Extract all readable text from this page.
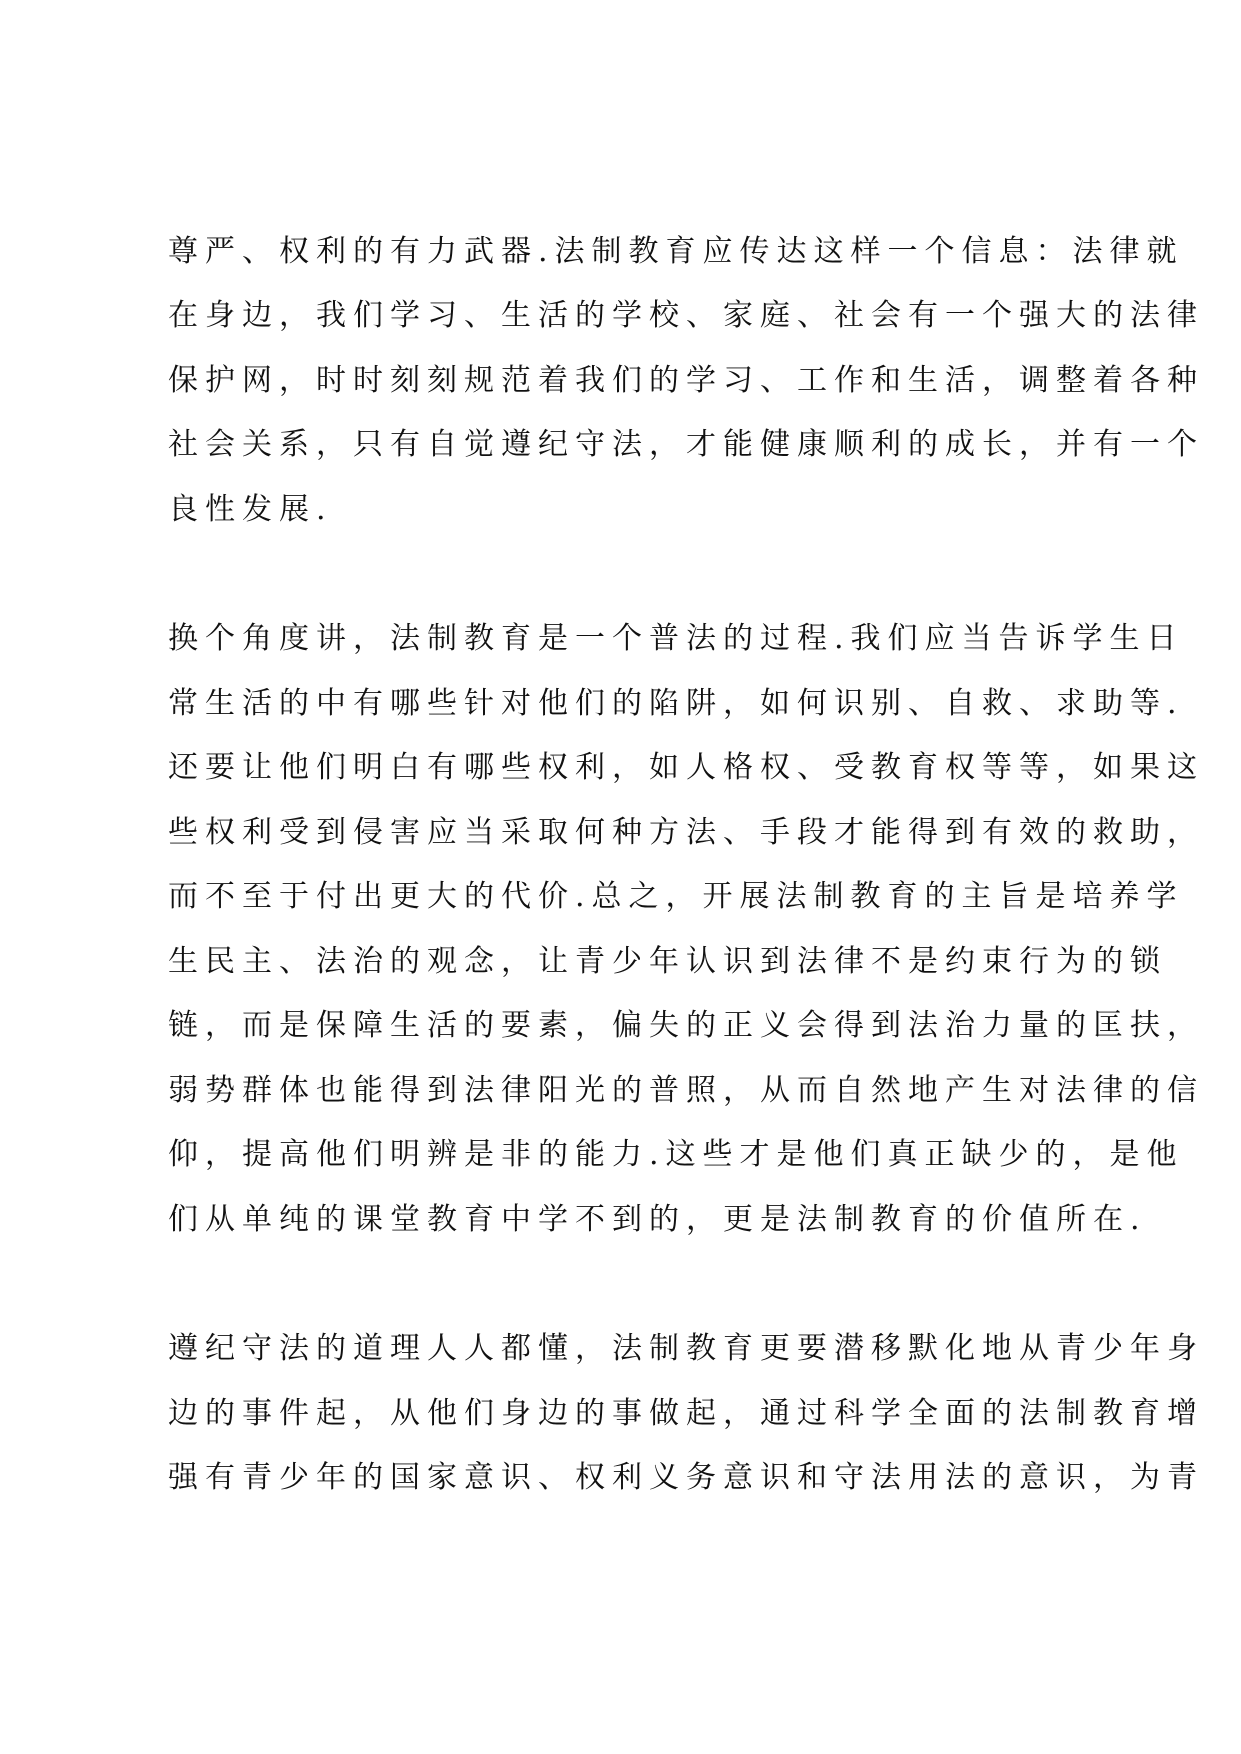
尊严、权利的有力武器.法制教育应传达这样一个信息：法律就

在身边，我们学习、生活的学校、家庭、社会有一个强大的法律

保护网，时时刻刻规范着我们的学习、工作和生活，调整着各种

社会关系，只有自觉遵纪守法，才能健康顺利的成长，并有一个

良性发展.

换个角度讲，法制教育是一个普法的过程.我们应当告诉学生日

常生活的中有哪些针对他们的陷阱，如何识别、自救、求助等.

还要让他们明白有哪些权利，如人格权、受教育权等等，如果这

些权利受到侵害应当采取何种方法、手段才能得到有效的救助，

而不至于付出更大的代价.总之，开展法制教育的主旨是培养学

生民主、法治的观念，让青少年认识到法律不是约束行为的锁

链，而是保障生活的要素，偏失的正义会得到法治力量的匡扶，

弱势群体也能得到法律阳光的普照，从而自然地产生对法律的信

仰，提高他们明辨是非的能力.这些才是他们真正缺少的，是他

们从单纯的课堂教育中学不到的，更是法制教育的价值所在.

遵纪守法的道理人人都懂，法制教育更要潜移默化地从青少年身

边的事件起，从他们身边的事做起，通过科学全面的法制教育增

强有青少年的国家意识、权利义务意识和守法用法的意识，为青
